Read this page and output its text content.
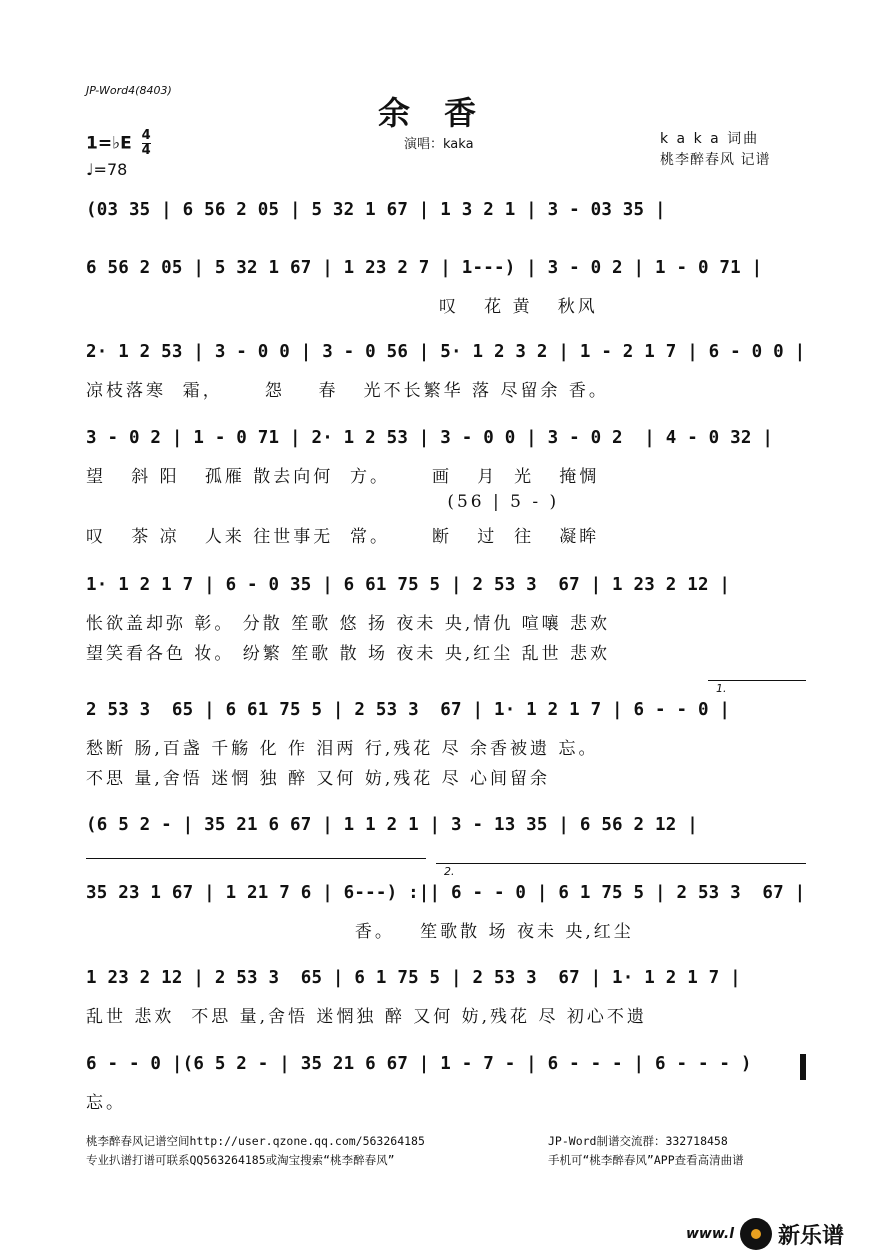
JP-Word4(8403)
余香
1=♭E $\frac{4}{4}$
♩=78
演唱：kaka	k a k a 词曲
桃李醉春风 记谱
(03 35 | 6 56 2 05 | 5 32 1 67 | 1 3 2 1 | 3 - 03 35 |
6 56 2 05 | 5 32 1 67 | 1 23 2 7 | 1---) | 3 - 0 2 | 1 - 0 71 |
叹   花 黄   秋风
2· 1 2 53 | 3 - 0 0 | 3 - 0 56 | 5· 1 2 3 2 | 1 - 2 1 7 | 6 - 0 0 |
凉枝落寒  霜，     怨    春   光不长繁华 落 尽留余 香。
3 - 0 2 | 1 - 0 71 | 2· 1 2 53 | 3 - 0 0 | 3 - 0 2  | 4 - 0 32 |
望   斜 阳   孤雁 散去向何  方。     画   月  光   掩惆
(56 | 5 - )
叹   茶 凉   人来 往世事无  常。     断   过  往   凝眸
1· 1 2 1 7 | 6 - 0 35 | 6 61 75 5 | 2 53 3  67 | 1 23 2 12 |
怅欲盖却弥 彰。 分散 笙歌 悠 扬 夜未 央,情仇 喧嚷 悲欢
望笑看各色 妆。 纷繁 笙歌 散 场 夜未 央,红尘 乱世 悲欢
2 53 3  65 | 6 61 75 5 | 2 53 3  67 | 1· 1 2 1 7 | 6 - - 0 |
1.
愁断 肠,百盏 千觞 化 作 泪两 行,残花 尽 余香被遗 忘。
不思 量,舍悟 迷惘 独 醉 又何 妨,残花 尽 心间留余
(6 5 2 - | 35 21 6 67 | 1 1 2 1 | 3 - 13 35 | 6 56 2 12 |
35 23 1 67 | 1 21 7 6 | 6---) :|| 6 - - 0 | 6 1 75 5 | 2 53 3  67 |
2.
香。   笙歌散 场 夜未 央,红尘
1 23 2 12 | 2 53 3  65 | 6 1 75 5 | 2 53 3  67 | 1· 1 2 1 7 |
乱世 悲欢  不思 量,舍悟 迷惘独 醉 又何 妨,残花 尽 初心不遗
6 - - 0 |(6 5 2 - | 35 21 6 67 | 1 - 7 - | 6 - - - | 6 - - - )
忘。
桃李醉春风记谱空间http://user.qzone.qq.com/563264185
专业扒谱打谱可联系QQ563264185或淘宝搜索“桃李醉春风”
JP-Word制谱交流群：332718458
手机可“桃李醉春风”APP查看高清曲谱
www.l 新乐谱
